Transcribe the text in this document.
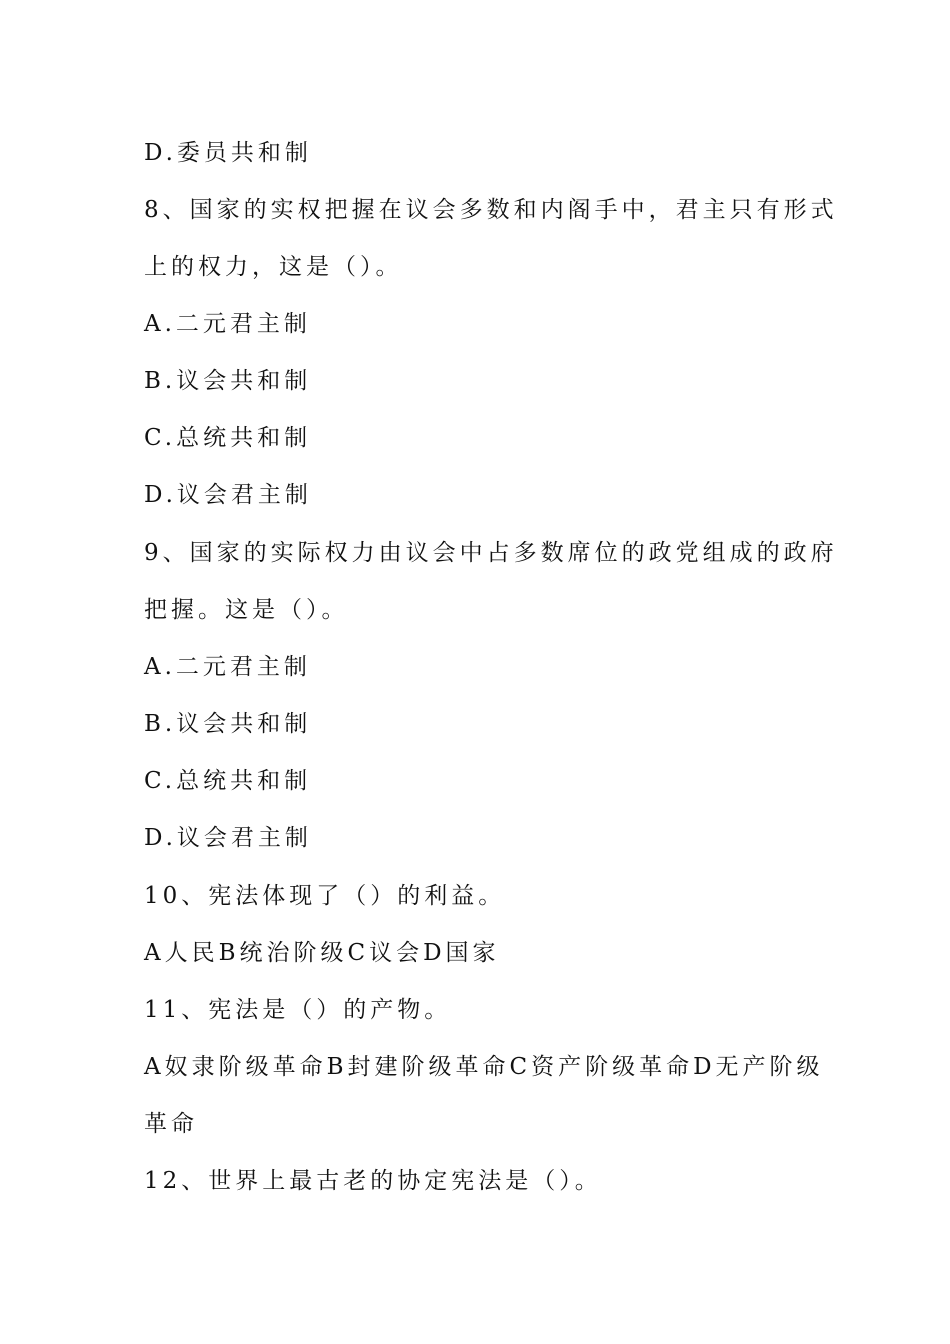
D.委员共和制
8、国家的实权把握在议会多数和内阁手中，君主只有形式
上的权力，这是（）。
A.二元君主制
B.议会共和制
C.总统共和制
D.议会君主制
9、国家的实际权力由议会中占多数席位的政党组成的政府
把握。这是（）。
A.二元君主制
B.议会共和制
C.总统共和制
D.议会君主制
10、宪法体现了（）的利益。
A人民B统治阶级C议会D国家
11、宪法是（）的产物。
A奴隶阶级革命B封建阶级革命C资产阶级革命D无产阶级
革命
12、世界上最古老的协定宪法是（）。
